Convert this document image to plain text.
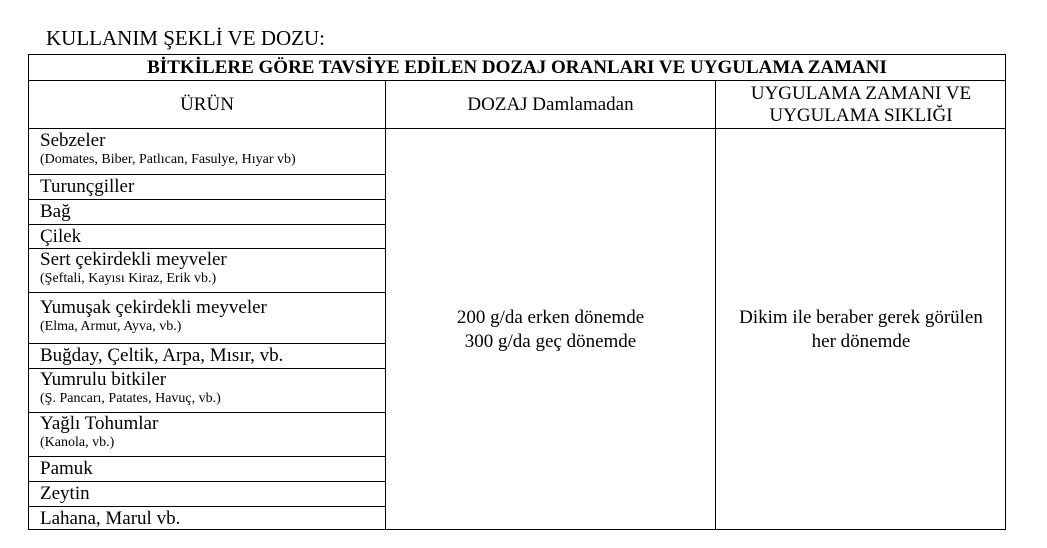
KULLANIM ŞEKLİ VE DOZU:
BİTKİLERE GÖRE TAVSİYE EDİLEN DOZAJ ORANLARI VE UYGULAMA ZAMANI
ÜRÜN	DOZAJ Damlamadan
UYGULAMA ZAMANI VE
UYGULAMA SIKLIĞI
Sebzeler
(Domates, Biber, Patlıcan, Fasulye, Hıyar vb)
Turunçgiller
Bağ
Çilek
Sert çekirdekli meyveler
(Şeftali, Kayısı Kiraz, Erik vb.)
Yumuşak çekirdekli meyveler
(Elma, Armut, Ayva, vb.)
Buğday, Çeltik, Arpa, Mısır, vb.
Yumrulu bitkiler
(Ş. Pancarı, Patates, Havuç, vb.)
Yağlı Tohumlar
(Kanola, vb.)
Pamuk
Zeytin
Lahana, Marul vb.
200 g/da erken dönemde
300 g/da geç dönemde
Dikim ile beraber gerek görülen
her dönemde
